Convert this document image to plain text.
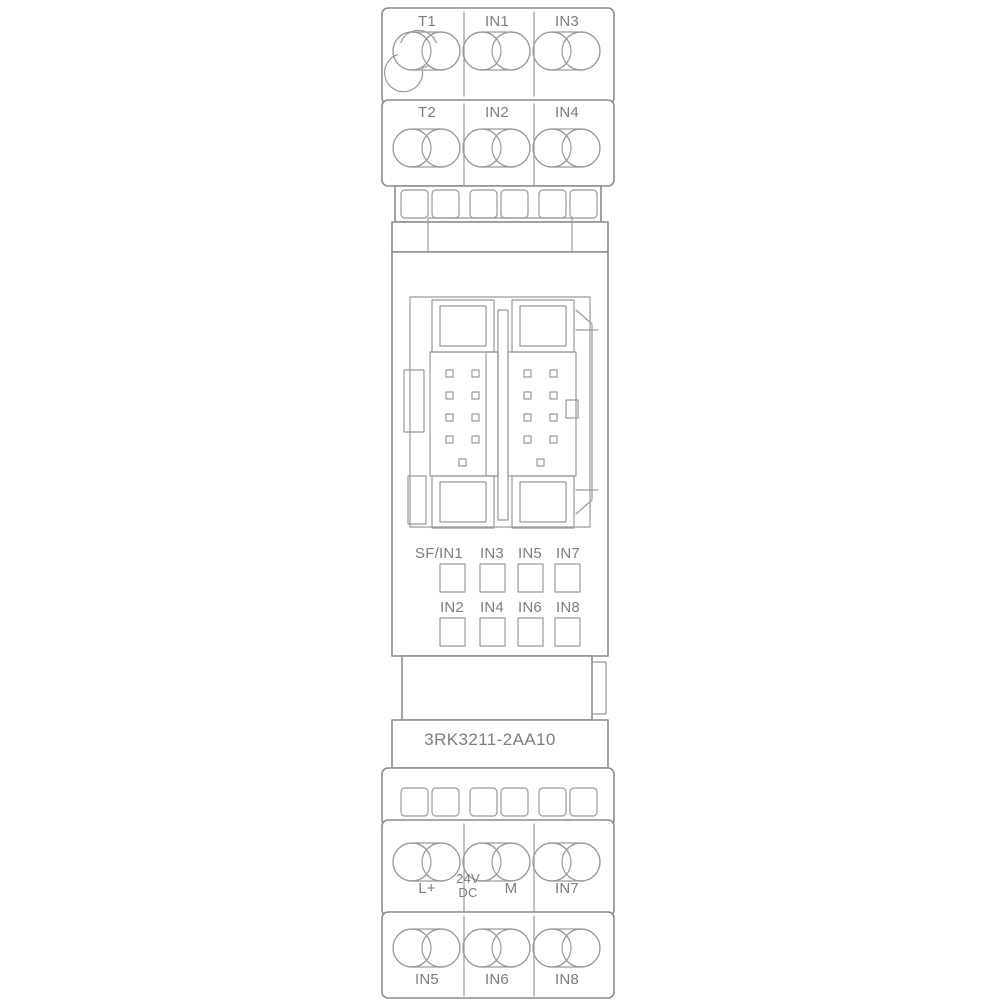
T1	IN1	IN3
T2	IN2	IN4
SF/IN1 IN3 IN5 IN7
IN2 IN4 IN6 IN8
3RK3211-2AA10
L+
24V
DC M	IN7
IN5	IN6	IN8
